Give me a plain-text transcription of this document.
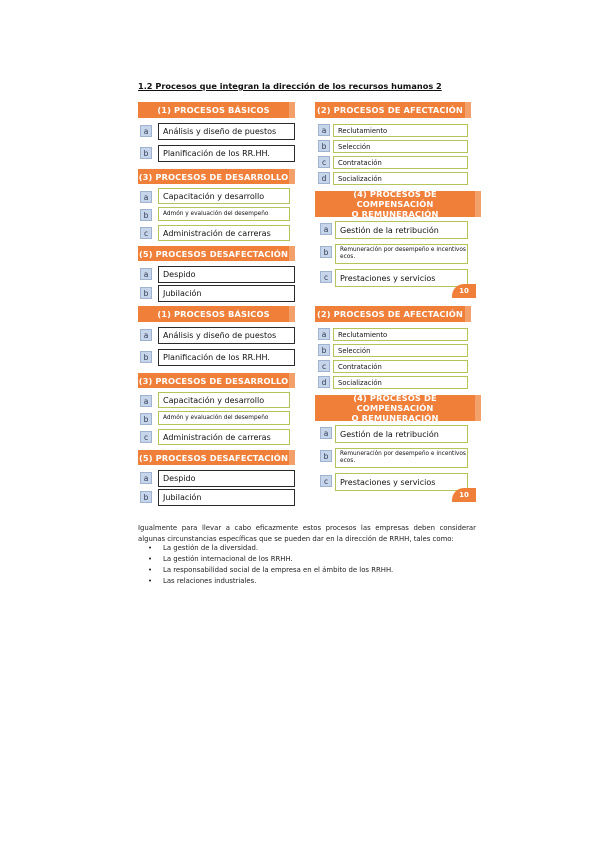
1.2 Procesos que integran la dirección de los recursos humanos 2
(1) PROCESOS BÁSICOS
a	Análisis y diseño de puestos
b	Planificación de los RR.HH.
(3) PROCESOS DE DESARROLLO
a	Capacitación y desarrollo
b	Admón y evaluación del desempeño
c	Administración de carreras
(5) PROCESOS DESAFECTACIÓN
a	Despido
b	Jubilación
(2) PROCESOS DE AFECTACIÓN
a	Reclutamiento
b	Selección
c	Contratación
d	Socialización
(4) PROCESOS DE COMPENSACIÓN
O REMUNERACIÓN
a	Gestión de la retribución
b	Remuneración por desempeño e incentivos ecos.
c	Prestaciones y servicios
10
(1) PROCESOS BÁSICOS
a	Análisis y diseño de puestos
b	Planificación de los RR.HH.
(3) PROCESOS DE DESARROLLO
a	Capacitación y desarrollo
b	Admón y evaluación del desempeño
c	Administración de carreras
(5) PROCESOS DESAFECTACIÓN
a	Despido
b	Jubilación
(2) PROCESOS DE AFECTACIÓN
a	Reclutamiento
b	Selección
c	Contratación
d	Socialización
(4) PROCESOS DE COMPENSACIÓN
O REMUNERACIÓN
a	Gestión de la retribución
b	Remuneración por desempeño e incentivos ecos.
c	Prestaciones y servicios
10

Igualmente para llevar a cabo eficazmente estos procesos las empresas deben considerar algunas circunstancias específicas que se pueden dar en la dirección de RRHH, tales como:

• La gestión de la diversidad.
• La gestión internacional de los RRHH.
• La responsabilidad social de la empresa en el ámbito de los RRHH.
• Las relaciones industriales.
